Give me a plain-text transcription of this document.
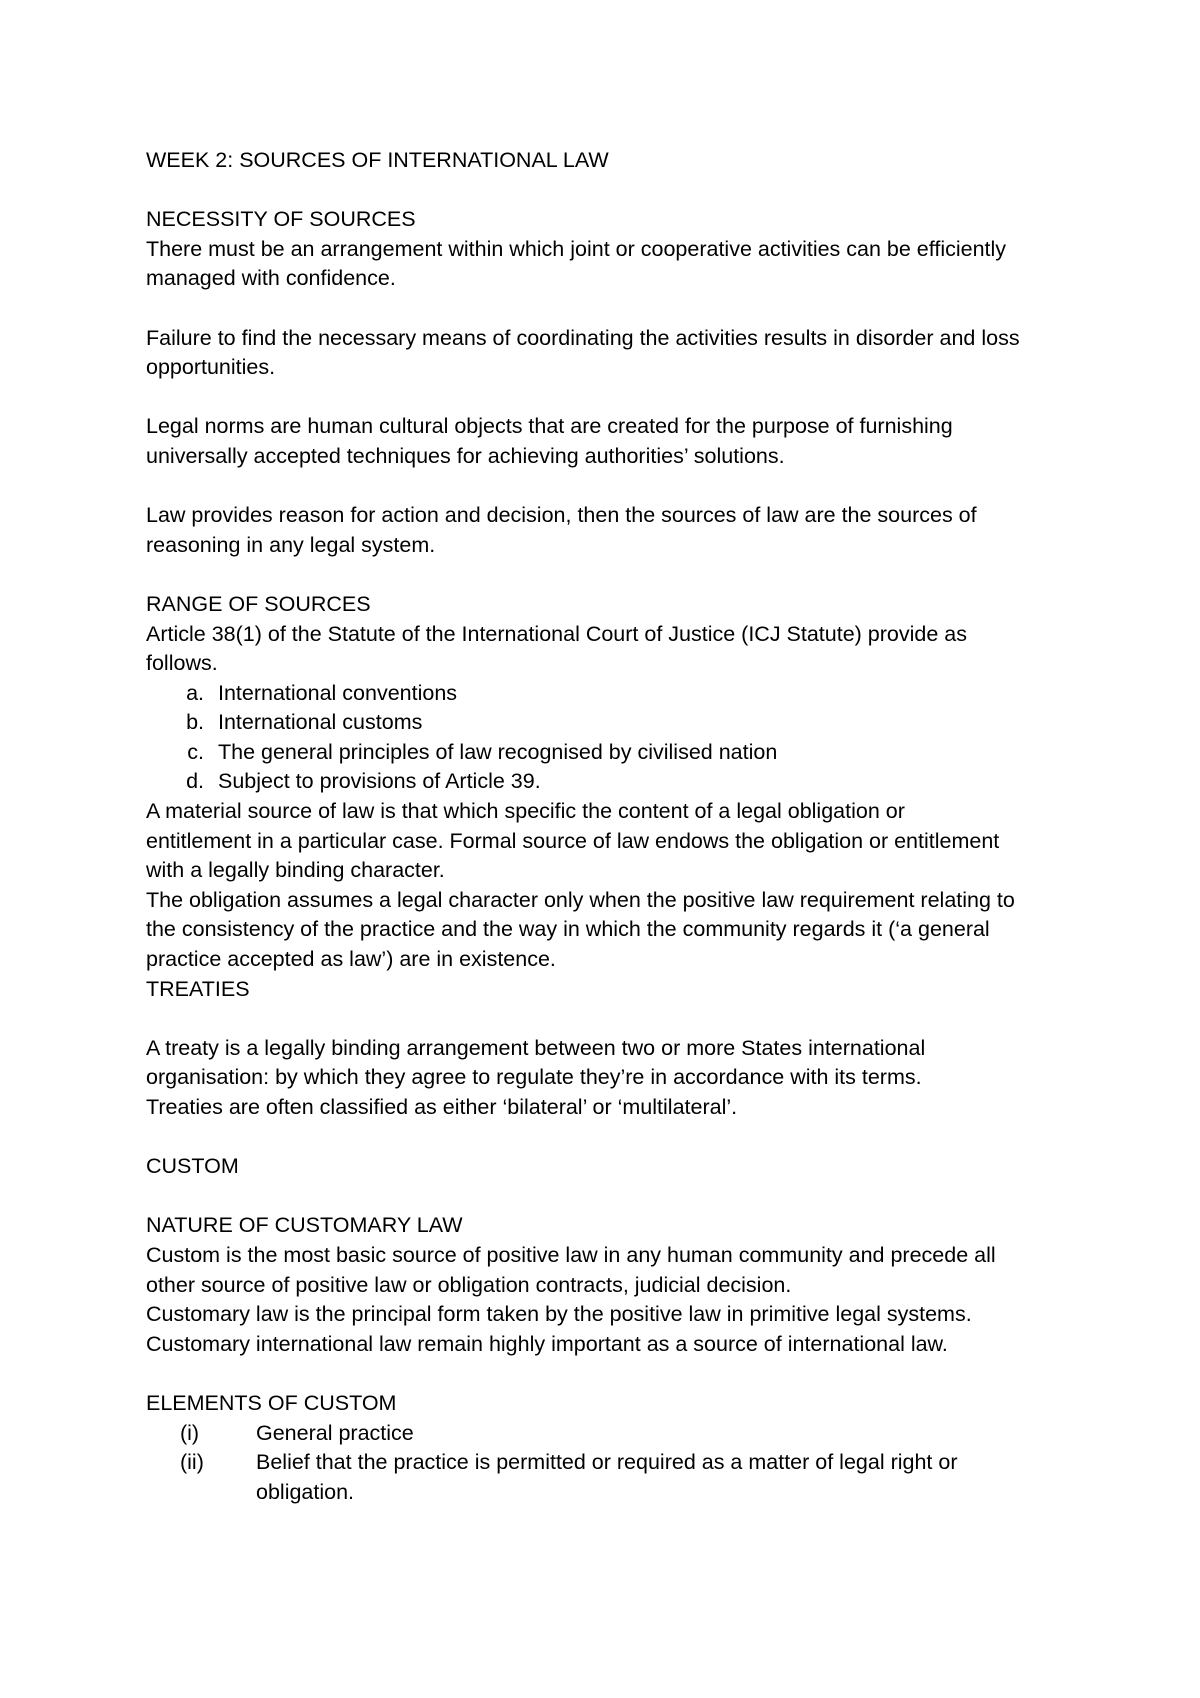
WEEK 2: SOURCES OF INTERNATIONAL LAW
NECESSITY OF SOURCES
There must be an arrangement within which joint or cooperative activities can be efficiently
managed with confidence.
Failure to find the necessary means of coordinating the activities results in disorder and loss
opportunities.
Legal norms are human cultural objects that are created for the purpose of furnishing
universally accepted techniques for achieving authorities’ solutions.
Law provides reason for action and decision, then the sources of law are the sources of
reasoning in any legal system.
RANGE OF SOURCES
Article 38(1) of the Statute of the International Court of Justice (ICJ Statute) provide as
follows.
a. International conventions
b. International customs
c. The general principles of law recognised by civilised nation
d. Subject to provisions of Article 39.
A material source of law is that which specific the content of a legal obligation or
entitlement in a particular case. Formal source of law endows the obligation or entitlement
with a legally binding character.
The obligation assumes a legal character only when the positive law requirement relating to
the consistency of the practice and the way in which the community regards it (‘a general
practice accepted as law’) are in existence.
TREATIES
A treaty is a legally binding arrangement between two or more States international
organisation: by which they agree to regulate they’re in accordance with its terms.
Treaties are often classified as either ‘bilateral’ or ‘multilateral’.
CUSTOM
NATURE OF CUSTOMARY LAW
Custom is the most basic source of positive law in any human community and precede all
other source of positive law or obligation contracts, judicial decision.
Customary law is the principal form taken by the positive law in primitive legal systems.
Customary international law remain highly important as a source of international law.
ELEMENTS OF CUSTOM
(i)	General practice
(ii)	Belief that the practice is permitted or required as a matter of legal right or obligation.
